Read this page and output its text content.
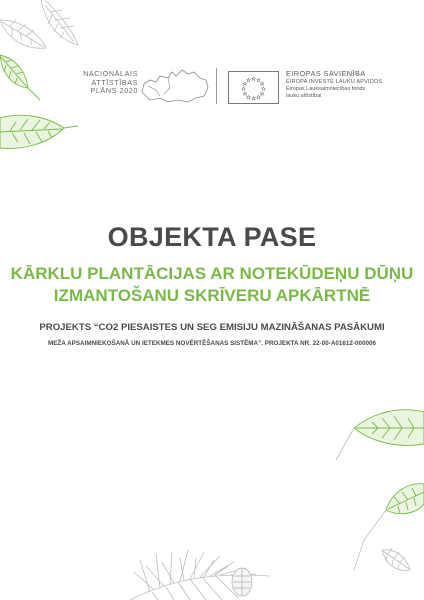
NACIONĀLAIS
ATTĪSTĪBAS
PLĀNS 2020
EIROPAS SAVIENĪBA
EIROPA INVESTĒ LAUKU APVIDOS
Eiropas Lauksaimniecības fonds
lauku attīstībai
OBJEKTA PASE
KĀRKLU PLANTĀCIJAS AR NOTEKŪDEŅU DŪŅU
IZMANTOŠANU SKRĪVERU APKĀRTNĒ
PROJEKTS “CO2 PIESAISTES UN SEG EMISIJU MAZINĀŠANAS PASĀKUMI
MEŽA APSAIMNIEKOŠANĀ UN IETEKMES NOVĒRTĒŠANAS SISTĒMA”. PROJEKTA NR. 22-00-A01612-000006
